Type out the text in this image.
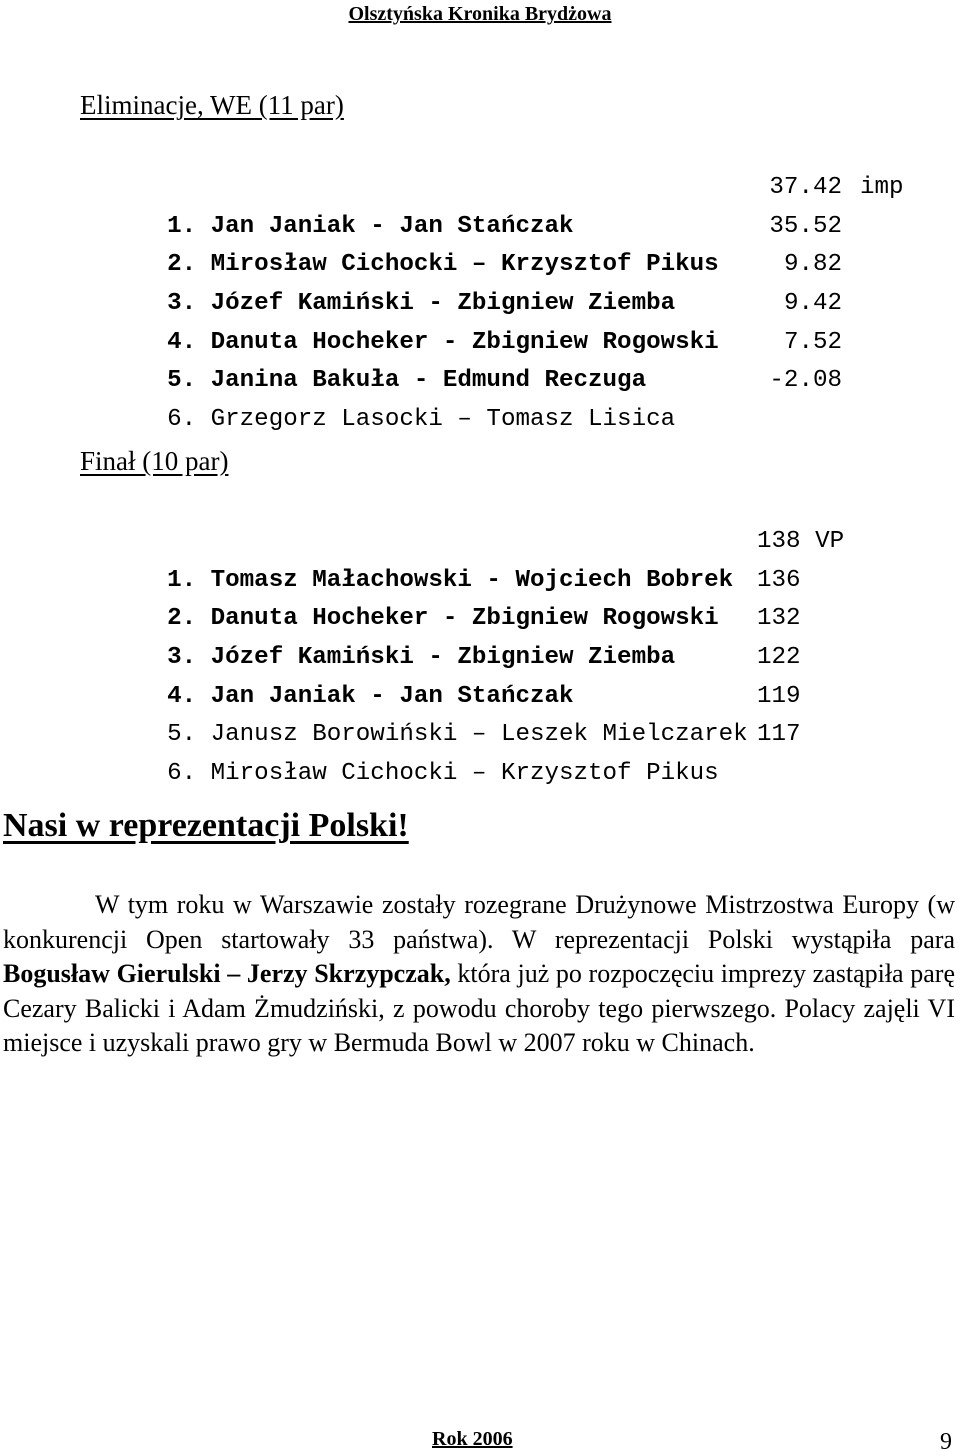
Olsztyńska Kronika Brydżowa
Eliminacje, WE (11 par)

1. Jan Janiak - Jan Stańczak

2. Mirosław Cichocki – Krzysztof Pikus

3. Józef Kamiński - Zbigniew Ziemba

4. Danuta Hocheker - Zbigniew Rogowski

5. Janina Bakuła - Edmund Reczuga

6. Grzegorz Lasocki – Tomasz Lisica

37.42 imp
35.52
9.82
9.42
7.52
-2.08
Finał (10 par)

1. Tomasz Małachowski - Wojciech Bobrek

2. Danuta Hocheker - Zbigniew Rogowski

3. Józef Kamiński - Zbigniew Ziemba

4. Jan Janiak - Jan Stańczak

5. Janusz Borowiński – Leszek Mielczarek

6. Mirosław Cichocki – Krzysztof Pikus

138 VP
136
132
122
119
117
Nasi w reprezentacji Polski!

W tym roku w Warszawie zostały rozegrane Drużynowe Mistrzostwa Europy (w konkurencji Open startowały 33 państwa). W reprezentacji Polski wystąpiła para Bogusław Gierulski – Jerzy Skrzypczak, która już po rozpoczęciu imprezy zastąpiła parę Cezary Balicki i Adam Żmudziński, z powodu choroby tego pierwszego. Polacy zajęli VI miejsce i uzyskali prawo gry w Bermuda Bowl w 2007 roku w Chinach.

Rok 2006	9
